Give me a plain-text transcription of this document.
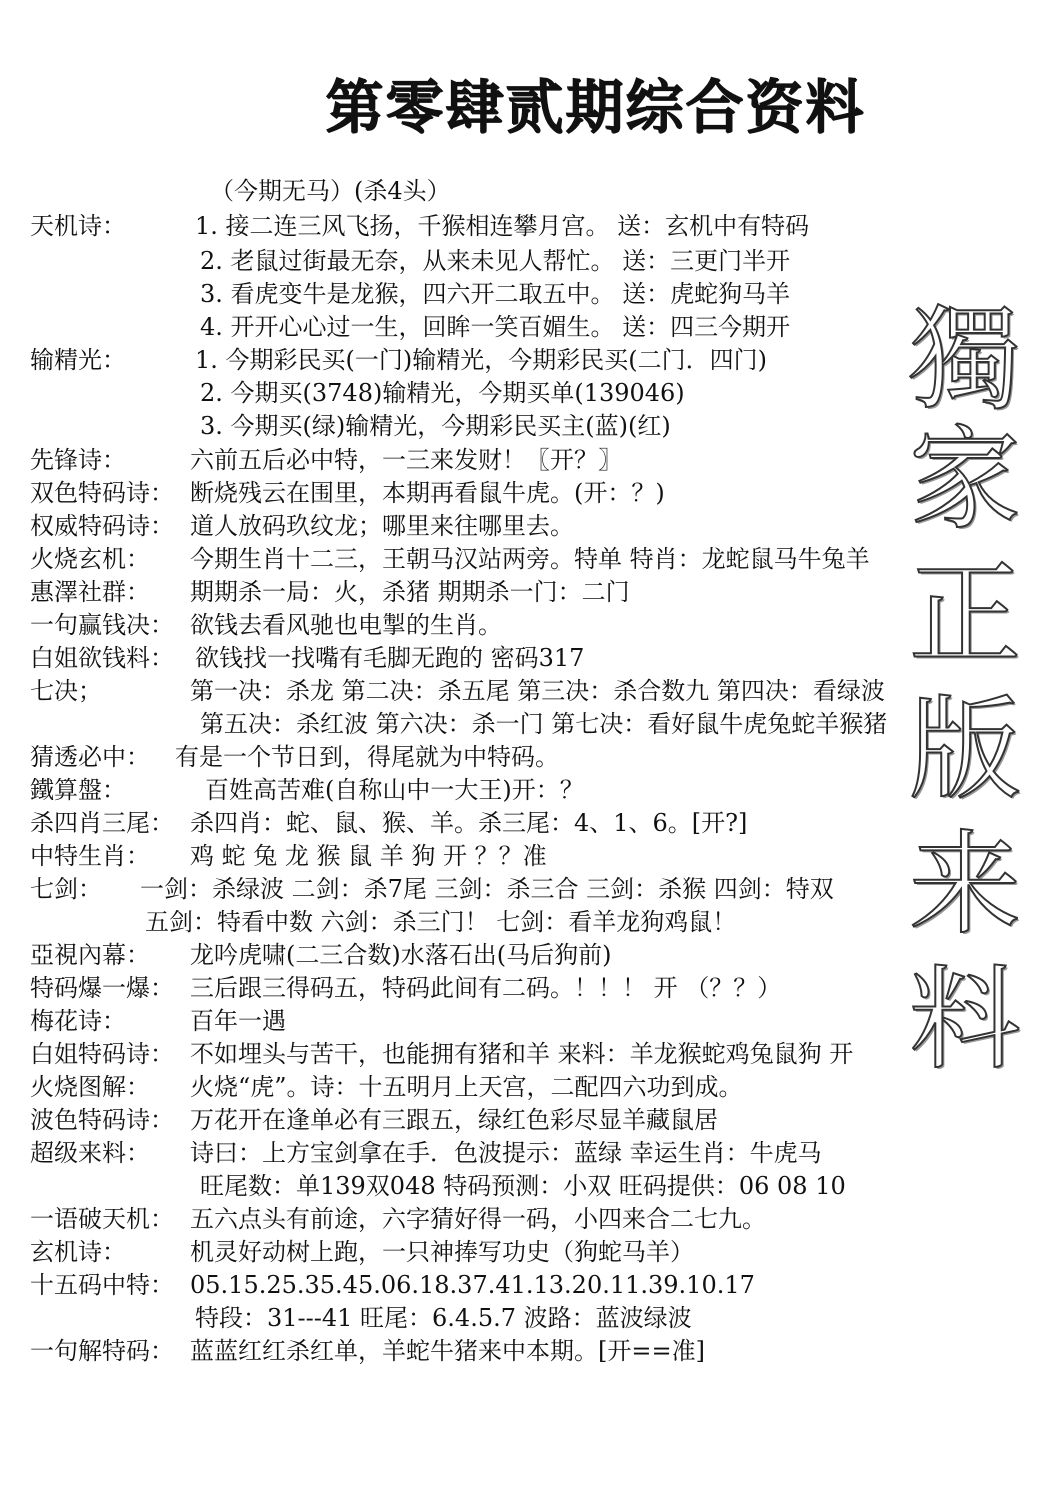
第零肆贰期综合资料
獨
家
正
版
来
料
（今期无马）(杀4头）
天机诗：	1. 接二连三风飞扬，千猴相连攀月宫。 送：玄机中有特码
2. 老鼠过街最无奈，从来未见人帮忙。 送：三更门半开
3. 看虎变牛是龙猴，四六开二取五中。 送：虎蛇狗马羊
4. 开开心心过一生，回眸一笑百媚生。 送：四三今期开
输精光：	1. 今期彩民买(一门)输精光，今期彩民买(二门．四门)
2. 今期买(3748)输精光，今期买单(139046)
3. 今期买(绿)输精光，今期彩民买主(蓝)(红)
先锋诗：	六前五后必中特，一三来发财！〖开？〗
双色特码诗： 断烧残云在围里，本期再看鼠牛虎。(开：？)
权威特码诗： 道人放码玖纹龙；哪里来往哪里去。
火烧玄机： 今期生肖十二三，王朝马汉站两旁。特单 特肖：龙蛇鼠马牛兔羊
惠澤社群： 期期杀一局：火，杀猪 期期杀一门：二门
一句赢钱决： 欲钱去看风驰也电掣的生肖。
白姐欲钱料： 欲钱找一找嘴有毛脚无跑的 密码317
七决；	第一决：杀龙 第二决：杀五尾 第三决：杀合数九 第四决：看绿波
第五决：杀红波 第六决：杀一门 第七决：看好鼠牛虎兔蛇羊猴猪
猜透必中： 有是一个节日到，得尾就为中特码。
鐵算盤：	百姓高苦难(自称山中一大王)开：？
杀四肖三尾： 杀四肖：蛇、鼠、猴、羊。杀三尾：4、1、6。[开?]
中特生肖： 鸡 蛇 兔 龙 猴 鼠 羊 狗 开 ？？准
七剑： 一剑：杀绿波 二剑：杀7尾 三剑：杀三合 三剑：杀猴 四剑：特双
五剑：特看中数 六剑：杀三门！ 七剑：看羊龙狗鸡鼠！
亞視內幕： 龙吟虎啸(二三合数)水落石出(马后狗前)
特码爆一爆： 三后跟三得码五，特码此间有二码。！！！ 开 （？？）
梅花诗：	百年一遇
白姐特码诗： 不如埋头与苦干，也能拥有猪和羊 来料：羊龙猴蛇鸡兔鼠狗 开
火烧图解： 火烧“虎”。诗：十五明月上天宫，二配四六功到成。
波色特码诗： 万花开在逢单必有三跟五，绿红色彩尽显羊藏鼠居
超级来料： 诗曰：上方宝剑拿在手．色波提示：蓝绿 幸运生肖：牛虎马
旺尾数：单139双048 特码预测：小双 旺码提供：06 08 10
一语破天机： 五六点头有前途，六字猜好得一码，小四来合二七九。
玄机诗：	机灵好动树上跑，一只神捧写功史（狗蛇马羊）
十五码中特： 05.15.25.35.45.06.18.37.41.13.20.11.39.10.17
特段：31---41 旺尾：6.4.5.7 波路：蓝波绿波
一句解特码： 蓝蓝红红杀红单，羊蛇牛猪来中本期。[开==准]
